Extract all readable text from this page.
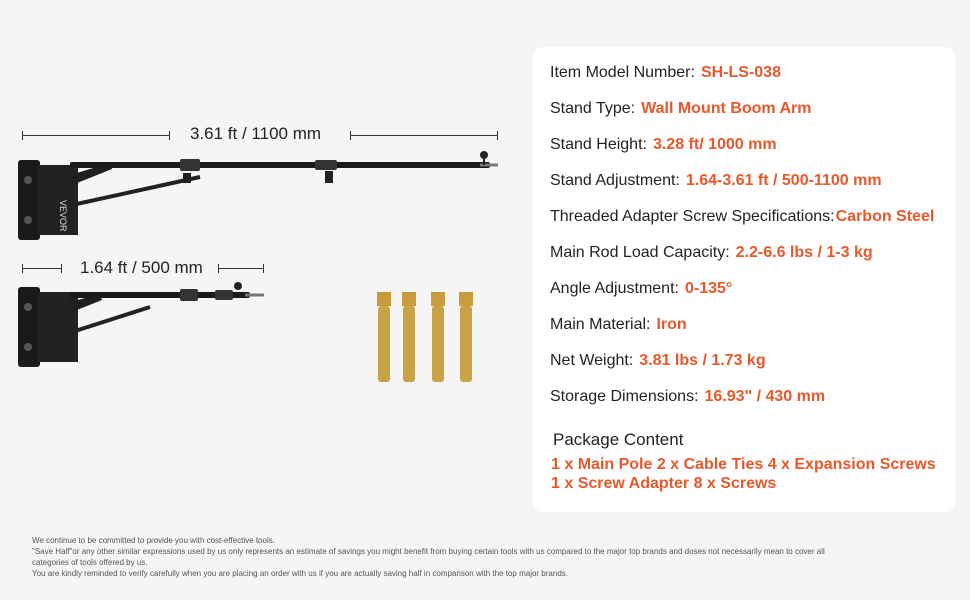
3.61 ft / 1100 mm
VEVOR
1.64 ft / 500 mm
Item Model Number: SH-LS-038
Stand Type: Wall Mount Boom Arm
Stand Height: 3.28 ft/ 1000 mm
Stand Adjustment: 1.64-3.61 ft / 500-1100 mm
Threaded Adapter Screw Specifications:Carbon Steel
Main Rod Load Capacity: 2.2-6.6 lbs / 1-3 kg
Angle Adjustment: 0-135°
Main Material: Iron
Net Weight: 3.81 lbs / 1.73 kg
Storage Dimensions: 16.93" / 430 mm
Package Content
1 x Main Pole 2 x Cable Ties 4 x Expansion Screws
1 x Screw Adapter 8 x Screws
We continue to be committed to provide you with cost-effective tools.
"Save Half"or any other similar expressions used by us only represents an estimate of savings you might benefit from buying certain tools with us compared to the major top brands and doses not necessarily mean to cover all
categories of tools offered by us.
You are kindly reminded to verify carefully when you are placing an order with us if you are actually saving half in comparison with the top major brands.
